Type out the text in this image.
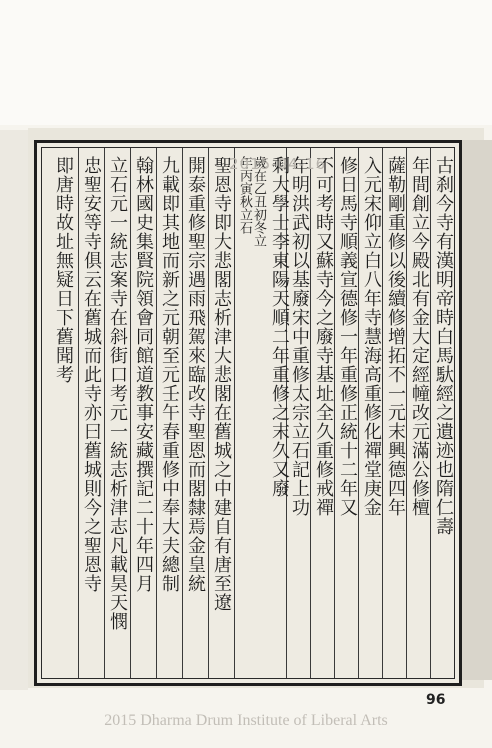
古刹今寺有漢明帝時白馬馱經之遺迹也隋仁壽
年間創立今殿北有金大定經幢改元滿公修檀
薩勒剛重修以後續修增拓不一元末興德四年
入元宋仰立白八年寺慧海高重修化禪堂庚金
修日馬寺順義宣德修一年重修正統十二年又
不可考時又蘇寺今之廢寺基址全久重修戒禪
年明洪武初以基廢宋中重修太宗立石記上功
剩大學士李東陽天順二年重修之末久又廢
歲在乙丑初冬立
年丙寅秋立石
聖恩寺即大悲閣志析津大悲閣在舊城之中建自有唐至遼
開泰重修聖宗遇雨飛駕來臨改寺聖恩而閣隸焉金皇統
九載即其地而新之元朝至元壬午春重修中奉大夫總制
翰林國史集賢院領會同館道教事安藏撰記二十年四月
立石元一統志案寺在斜街口考元一統志析津志凡載昊天憫
忠聖安等寺俱云在舊城而此寺亦曰舊城則今之聖恩寺
即唐時故址無疑日下舊聞考	2015-04-16
96
2015 Dharma Drum Institute of Liberal Arts
